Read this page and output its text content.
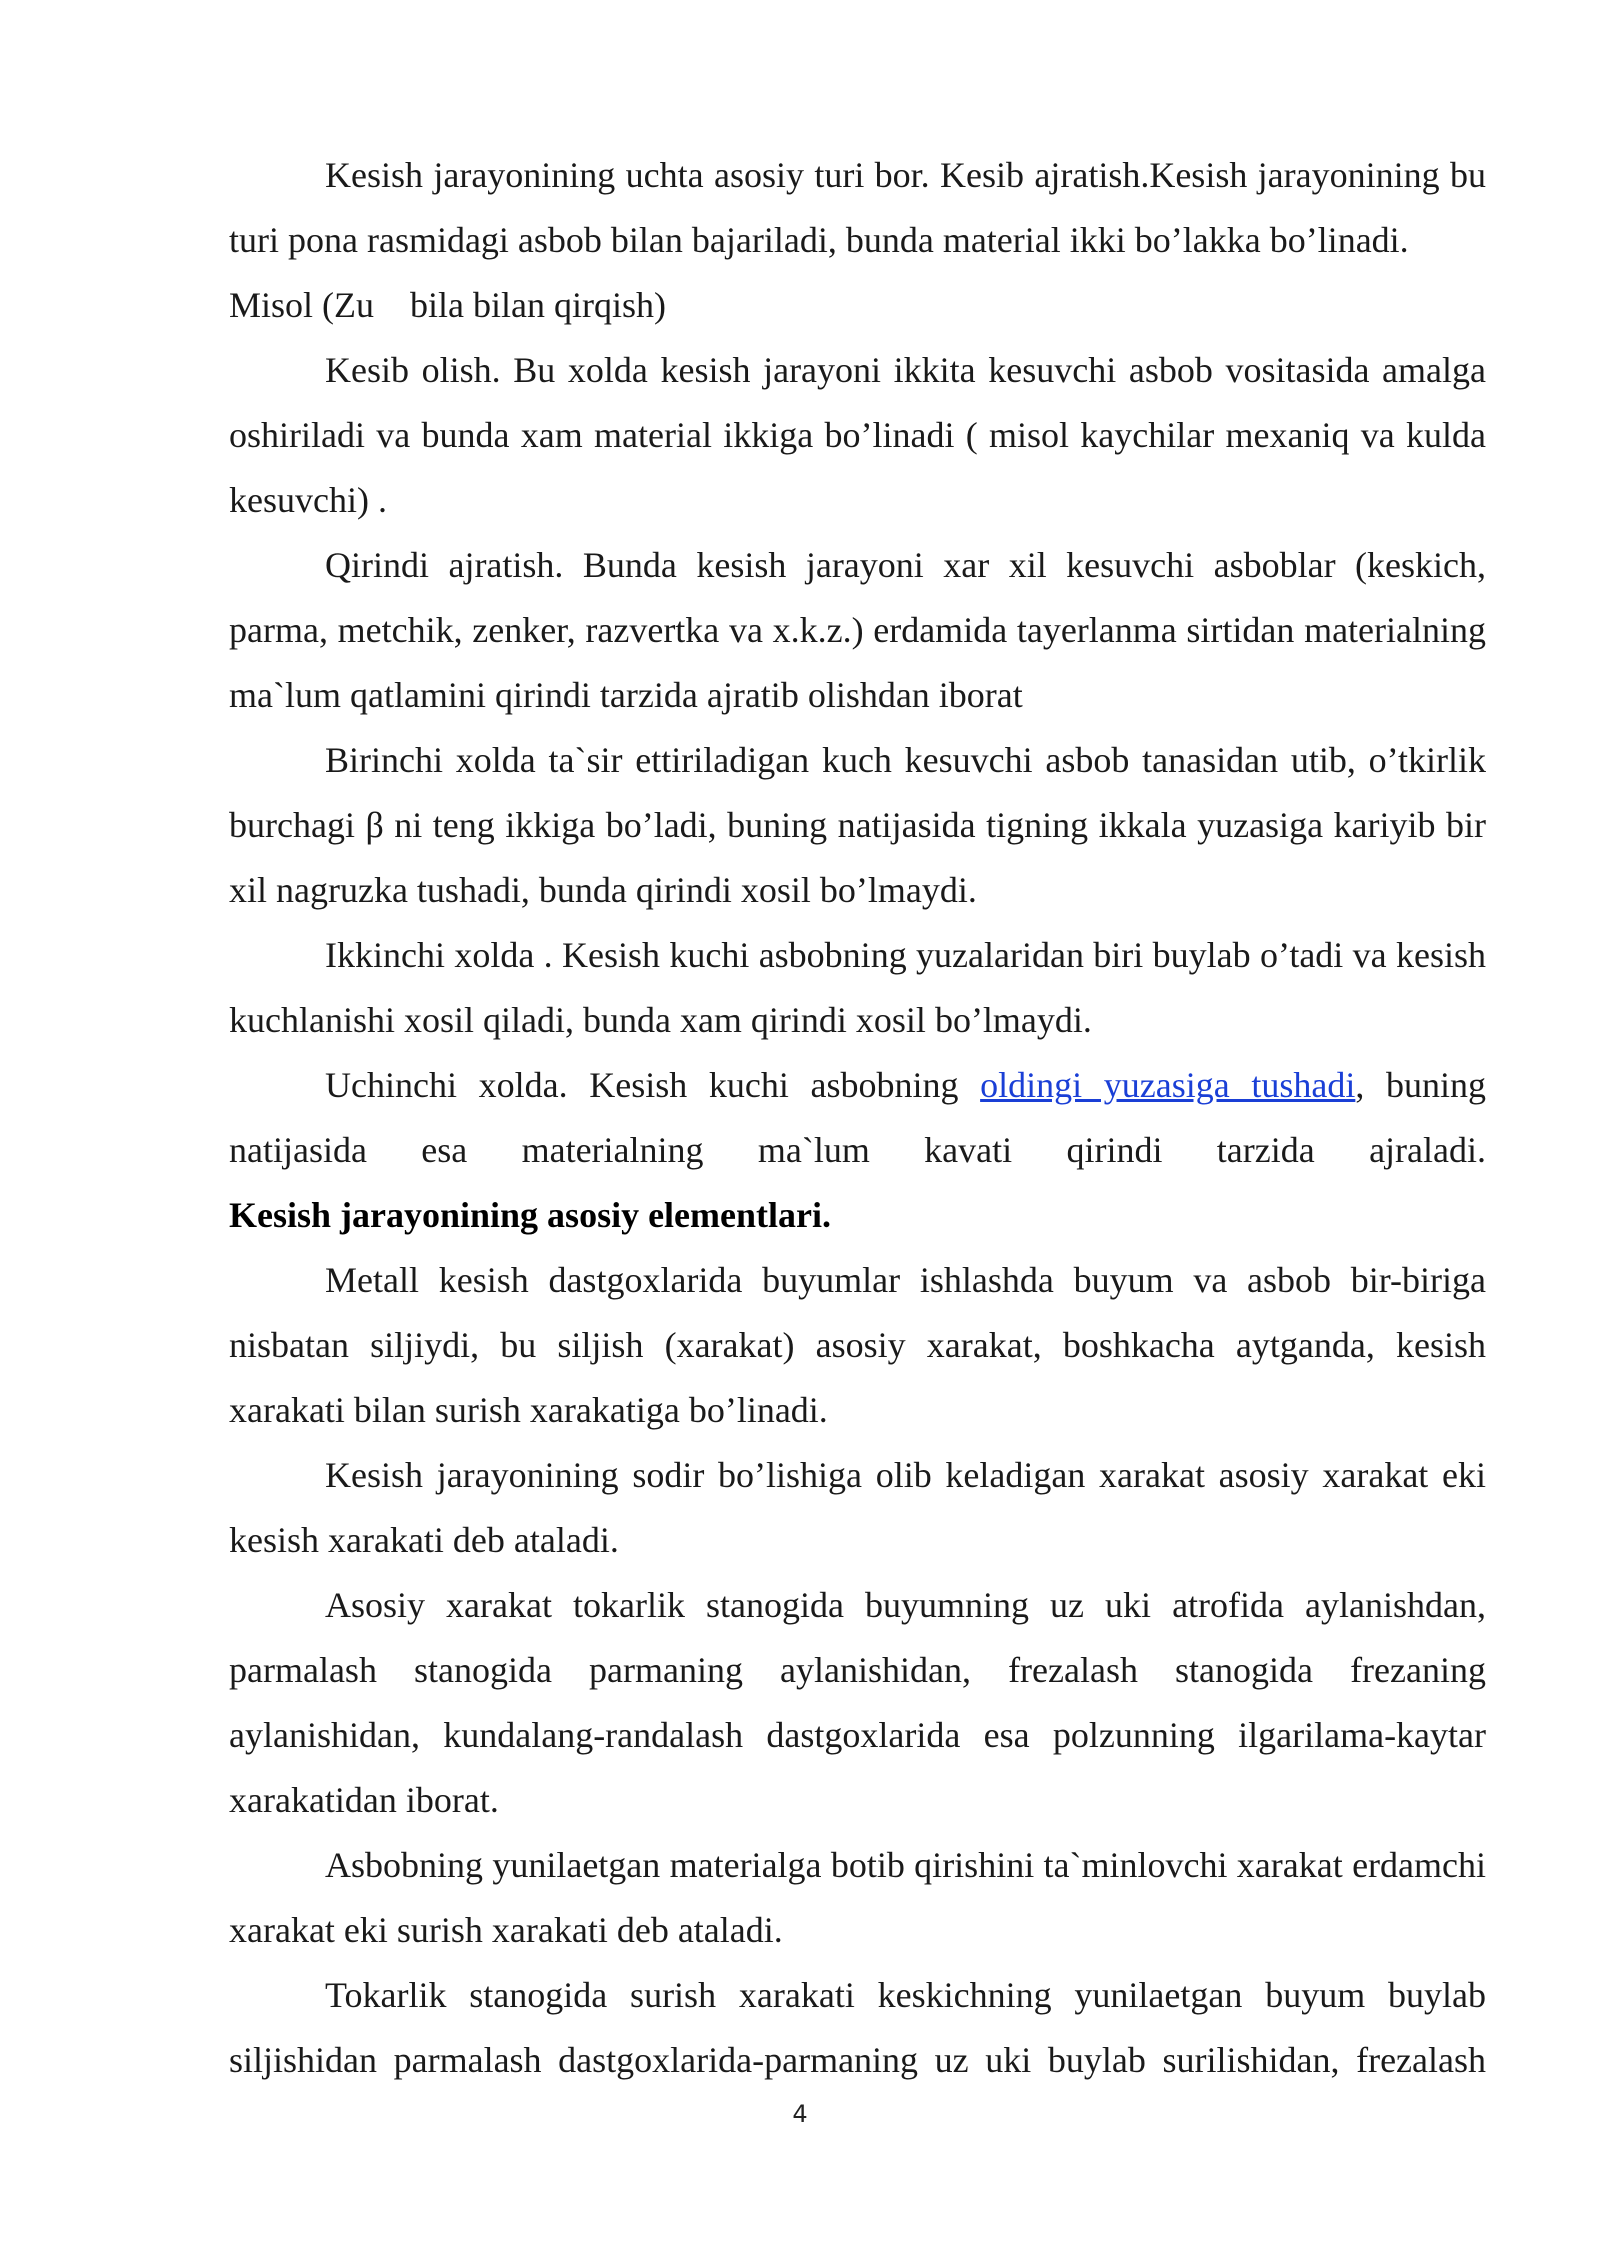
Kesish jarayonining uchta asosiy turi bor. Kesib ajratish.Kesish jarayonining bu turi pona rasmidagi asbob bilan bajariladi, bunda material ikki bo’lakka bo’linadi.

Misol (Zu    bila bilan qirqish)

Kesib olish. Bu xolda kesish jarayoni ikkita kesuvchi asbob vositasida amalga oshiriladi va bunda xam material ikkiga bo’linadi ( misol kaychilar mexaniq va kulda kesuvchi) .

Qirindi ajratish. Bunda kesish jarayoni xar xil kesuvchi asboblar (keskich, parma, metchik, zenker, razvertka va x.k.z.) erdamida tayerlanma sirtidan materialning ma`lum qatlamini qirindi tarzida ajratib olishdan iborat

Birinchi xolda ta`sir ettiriladigan kuch kesuvchi asbob tanasidan utib, o’tkirlik burchagi β ni teng ikkiga bo’ladi, buning natijasida tigning ikkala yuzasiga kariyib bir xil nagruzka tushadi, bunda qirindi xosil bo’lmaydi.

Ikkinchi xolda . Kesish kuchi asbobning yuzalaridan biri buylab o’tadi va kesish kuchlanishi xosil qiladi, bunda xam qirindi xosil bo’lmaydi.

Uchinchi xolda. Kesish kuchi asbobning oldingi yuzasiga tushadi, buning natijasida esa materialning ma`lum kavati qirindi tarzida ajraladi.

Kesish jarayonining asosiy elementlari.

Metall kesish dastgoxlarida buyumlar ishlashda buyum va asbob bir-biriga nisbatan siljiydi, bu siljish (xarakat) asosiy xarakat, boshkacha aytganda, kesish xarakati bilan surish xarakatiga bo’linadi.

Kesish jarayonining sodir bo’lishiga olib keladigan xarakat asosiy xarakat eki kesish xarakati deb ataladi.

Asosiy xarakat tokarlik stanogida buyumning uz uki atrofida aylanishdan, parmalash stanogida parmaning aylanishidan, frezalash stanogida frezaning aylanishidan, kundalang-randalash dastgoxlarida esa polzunning ilgarilama-kaytar xarakatidan iborat.

Asbobning yunilaetgan materialga botib qirishini ta`minlovchi xarakat erdamchi xarakat eki surish xarakati deb ataladi.

Tokarlik stanogida surish xarakati keskichning yunilaetgan buyum buylab siljishidan parmalash dastgoxlarida-parmaning uz uki buylab surilishidan, frezalash

4
